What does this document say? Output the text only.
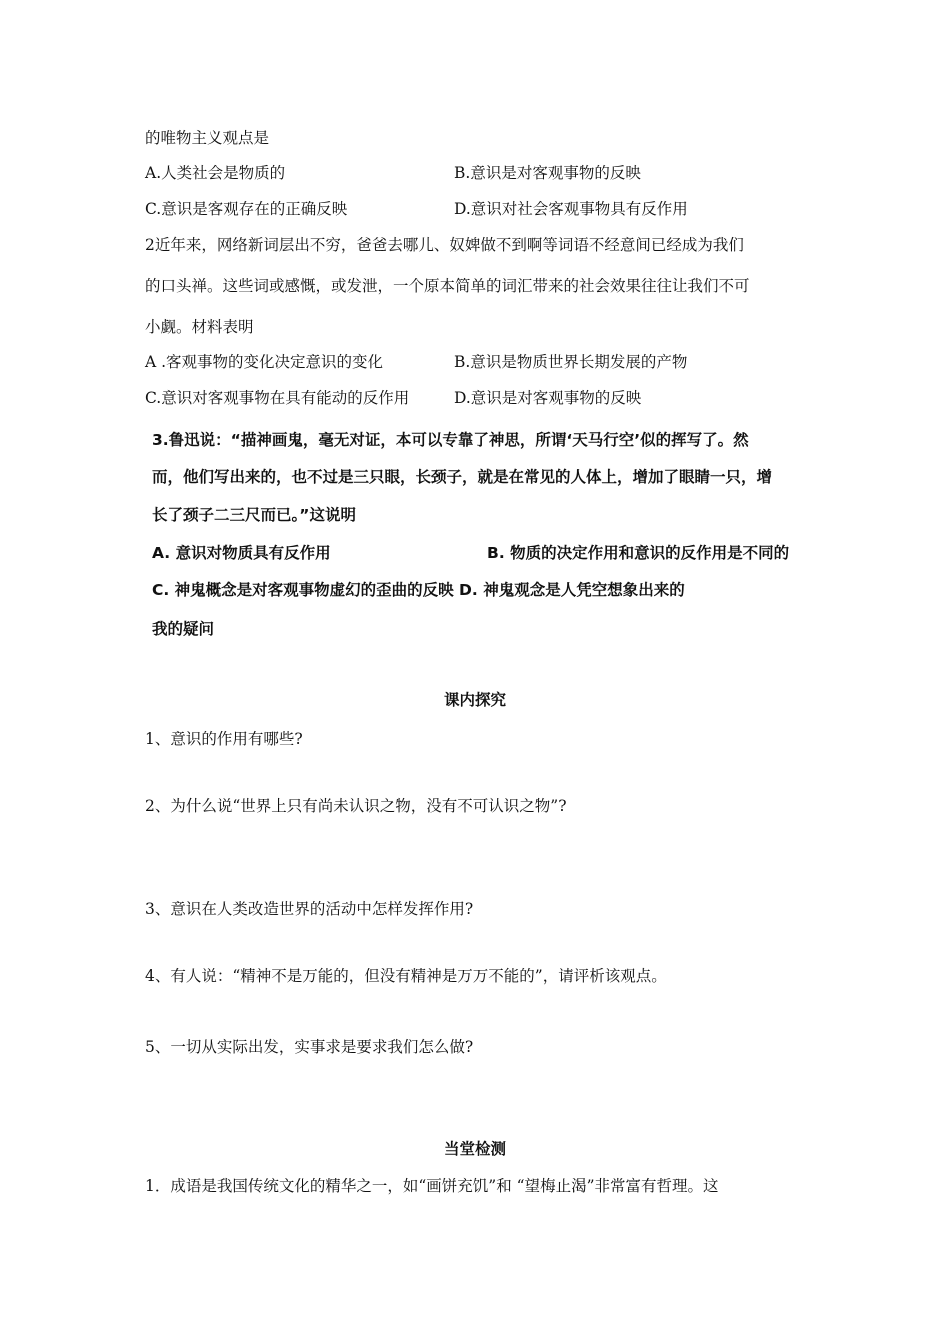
的唯物主义观点是
A.人类社会是物质的	B.意识是对客观事物的反映
C.意识是客观存在的正确反映	D.意识对社会客观事物具有反作用
2近年来，网络新词层出不穷，爸爸去哪儿、奴婢做不到啊等词语不经意间已经成为我们
的口头禅。这些词或感慨，或发泄，一个原本简单的词汇带来的社会效果往往让我们不可
小觑。材料表明
A .客观事物的变化决定意识的变化	B.意识是物质世界长期发展的产物
C.意识对客观事物在具有能动的反作用	D.意识是对客观事物的反映
3.鲁迅说：“描神画鬼，毫无对证，本可以专靠了神思，所谓‘天马行空’似的挥写了。然
而，他们写出来的，也不过是三只眼，长颈子，就是在常见的人体上，增加了眼睛一只，增
长了颈子二三尺而已。”这说明
A. 意识对物质具有反作用	B. 物质的决定作用和意识的反作用是不同的
C. 神鬼概念是对客观事物虚幻的歪曲的反映 D. 神鬼观念是人凭空想象出来的
我的疑问
课内探究
1、意识的作用有哪些?
2、为什么说“世界上只有尚未认识之物，没有不可认识之物”?
3、意识在人类改造世界的活动中怎样发挥作用?
4、有人说：“精神不是万能的，但没有精神是万万不能的”，请评析该观点。
5、一切从实际出发，实事求是要求我们怎么做?
当堂检测
1．成语是我国传统文化的精华之一，如“画饼充饥”和 “望梅止渴”非常富有哲理。这
